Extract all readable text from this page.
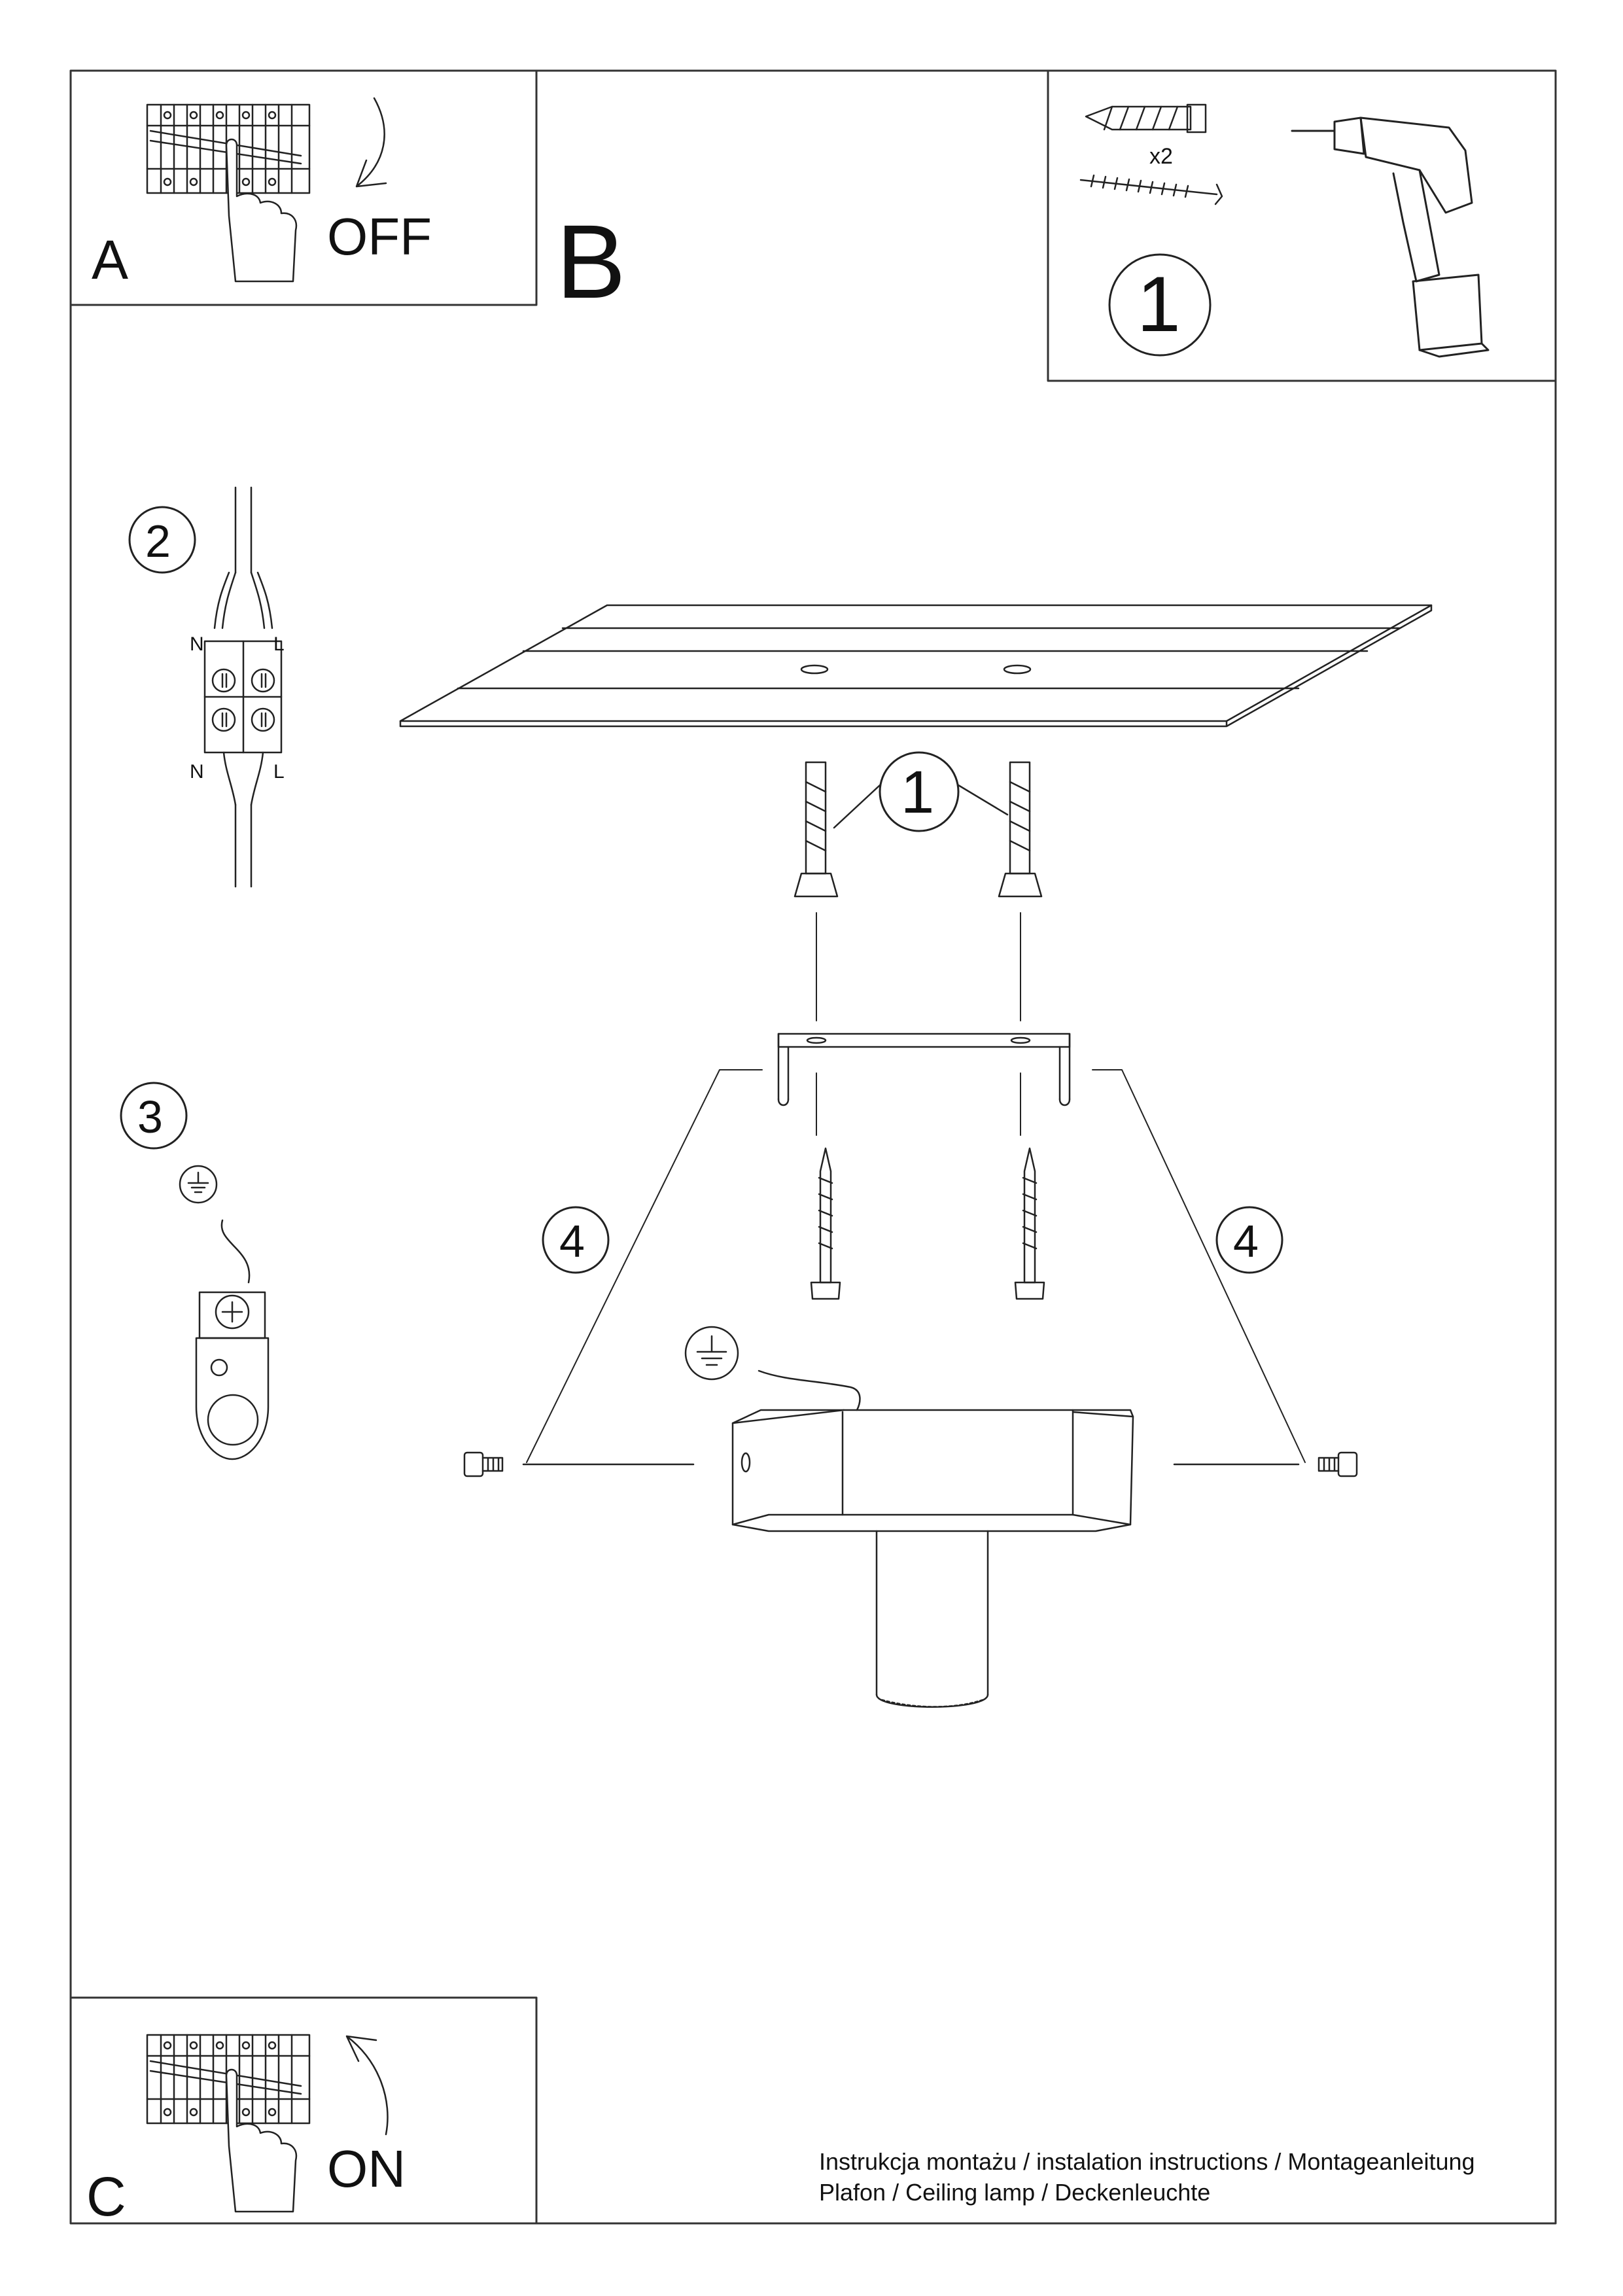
A	OFF B
x2
1
2
N	L
N	L
3
1
4	4
C	ON	Instrukcja montażu / instalation instructions / Montageanleitung
Plafon / Ceiling lamp / Deckenleuchte
